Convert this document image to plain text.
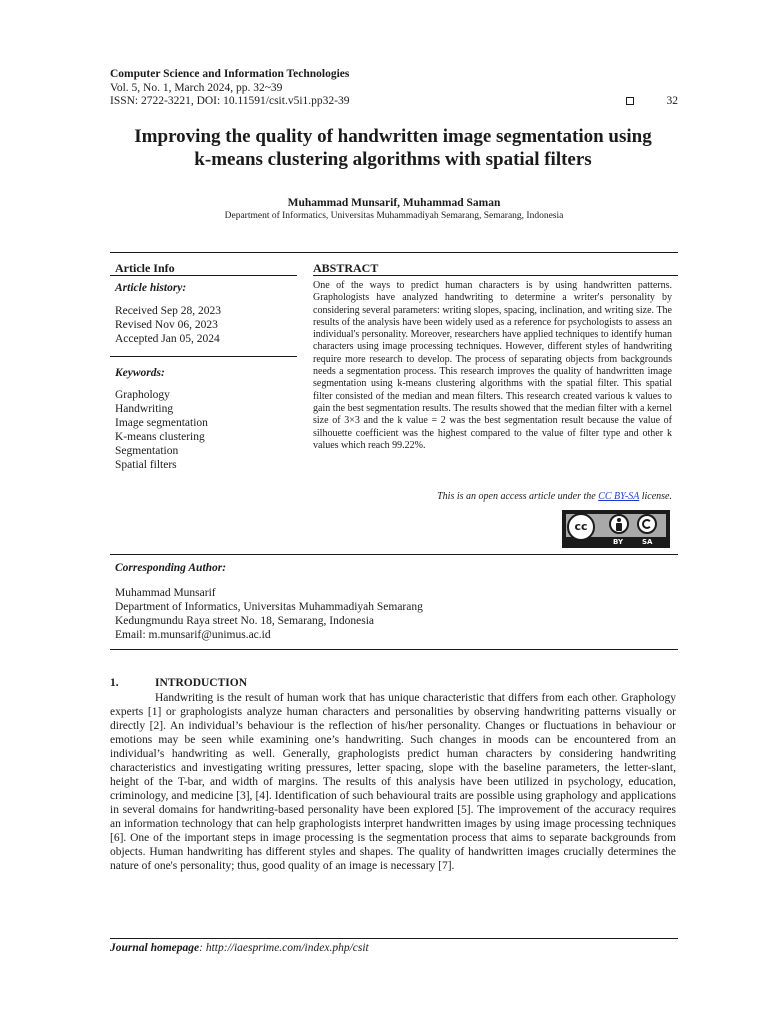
Computer Science and Information Technologies
Vol. 5, No. 1, March 2024, pp. 32~39
ISSN: 2722-3221, DOI: 10.11591/csit.v5i1.pp32-39	32
Improving the quality of handwritten image segmentation using
k-means clustering algorithms with spatial filters
Muhammad Munsarif, Muhammad Saman
Department of Informatics, Universitas Muhammadiyah Semarang, Semarang, Indonesia
Article Info
Article history:
Received Sep 28, 2023
Revised Nov 06, 2023
Accepted Jan 05, 2024
Keywords:
Graphology
Handwriting
Image segmentation
K-means clustering
Segmentation
Spatial filters
ABSTRACT
One of the ways to predict human characters is by using handwritten patterns. Graphologists have analyzed handwriting to determine a writer's personality by considering several parameters: writing slopes, spacing, inclination, and writing size. The results of the analysis have been widely used as a reference for psychologists to assess an individual's personality. Moreover, researchers have applied techniques to identify human characters using image processing techniques. However, different styles of handwriting require more research to develop. The process of separating objects from backgrounds needs a segmentation process. This research improves the quality of handwritten image segmentation using k-means clustering algorithms with the spatial filter. This spatial filter consisted of the median and mean filters. This research created various k values to gain the best segmentation results. The results showed that the median filter with a kernel size of 3×3 and the k value = 2 was the best segmentation result because the value of silhouette coefficient was the highest compared to the value of filter type and other k values which reach 99.22%.
This is an open access article under the CC BY-SA license.
cc
BY	SA
Corresponding Author:
Muhammad Munsarif
Department of Informatics, Universitas Muhammadiyah Semarang
Kedungmundu Raya street No. 18, Semarang, Indonesia
Email: m.munsarif@unimus.ac.id
1.	INTRODUCTION
Handwriting is the result of human work that has unique characteristic that differs from each other. Graphology experts [1] or graphologists analyze human characters and personalities by observing handwriting patterns visually or directly [2]. An individual’s behaviour is the reflection of his/her personality. Changes or fluctuations in behaviour or emotions may be seen while examining one’s handwriting. Such changes in moods can be encountered from an individual’s handwriting as well. Generally, graphologists predict human characters by considering handwriting characteristics and investigating writing pressures, letter spacing, slope with the baseline parameters, the letter-slant, height of the T-bar, and width of margins. The results of this analysis have been utilized in psychology, education, criminology, and medicine [3], [4]. Identification of such behavioural traits are possible using graphology and applications in several domains for handwriting-based personality have been explored [5]. The improvement of the accuracy requires an information technology that can help graphologists interpret handwritten images by using image processing techniques [6]. One of the important steps in image processing is the segmentation process that aims to separate backgrounds from objects. Human handwriting has different styles and shapes. The quality of handwritten images crucially determines the nature of one's personality; thus, good quality of an image is necessary [7].
Journal homepage: http://iaesprime.com/index.php/csit
